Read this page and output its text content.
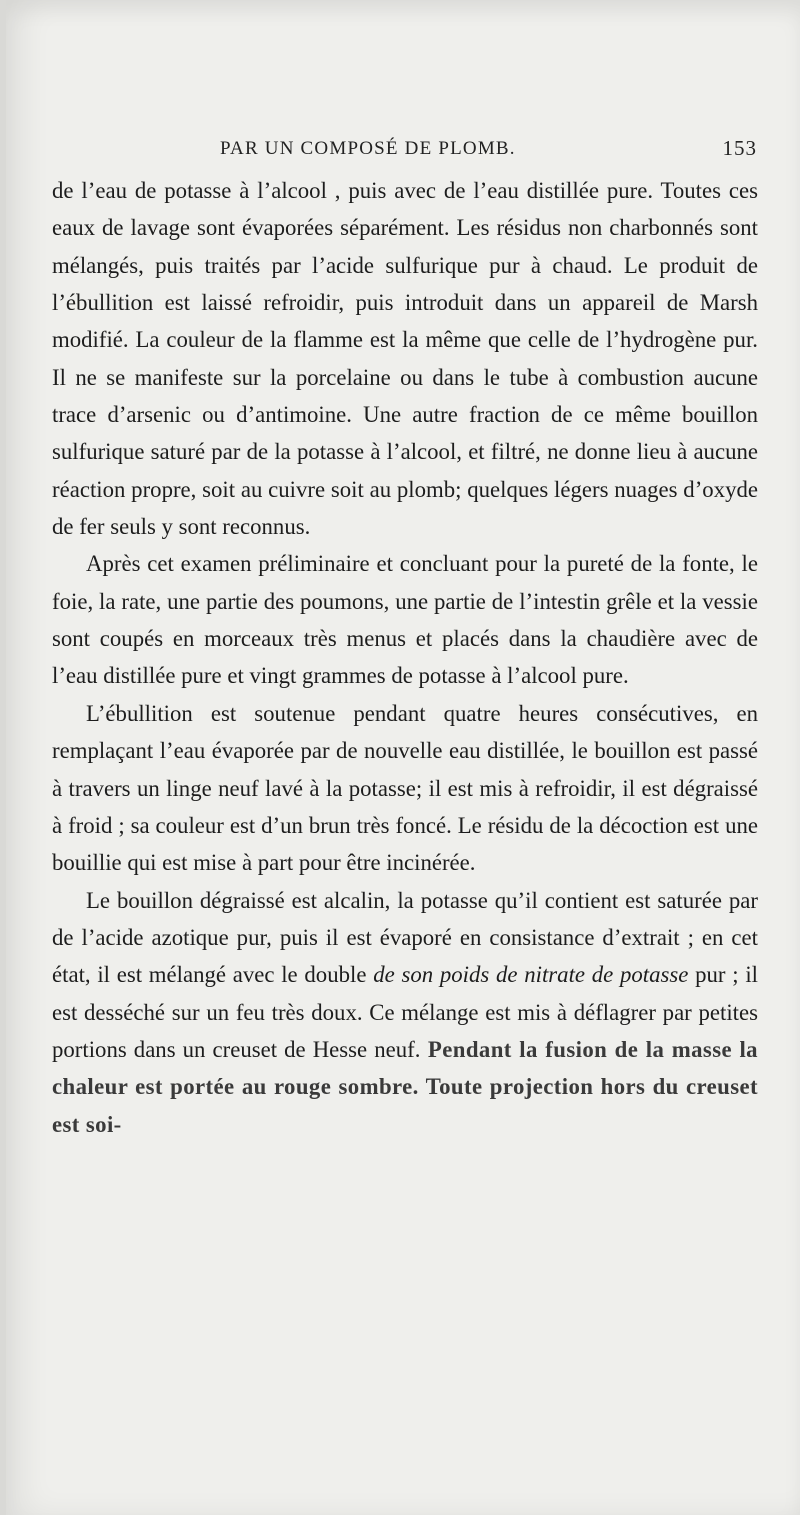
PAR UN COMPOSÉ DE PLOMB.	153

de l’eau de potasse à l’alcool , puis avec de l’eau distillée pure. Toutes ces eaux de lavage sont évaporées séparément. Les résidus non charbonnés sont mélangés, puis traités par l’acide sulfurique pur à chaud. Le produit de l’ébullition est laissé refroidir, puis introduit dans un appareil de Marsh modifié. La couleur de la flamme est la même que celle de l’hydrogène pur. Il ne se manifeste sur la porcelaine ou dans le tube à combustion aucune trace d’arsenic ou d’antimoine. Une autre fraction de ce même bouillon sulfurique saturé par de la potasse à l’alcool, et filtré, ne donne lieu à aucune réaction propre, soit au cuivre soit au plomb; quelques légers nuages d’oxyde de fer seuls y sont reconnus.

Après cet examen préliminaire et concluant pour la pureté de la fonte, le foie, la rate, une partie des poumons, une partie de l’intestin grêle et la vessie sont coupés en morceaux très menus et placés dans la chaudière avec de l’eau distillée pure et vingt grammes de potasse à l’alcool pure.

L’ébullition est soutenue pendant quatre heures consécutives, en remplaçant l’eau évaporée par de nouvelle eau distillée, le bouillon est passé à travers un linge neuf lavé à la potasse; il est mis à refroidir, il est dégraissé à froid ; sa couleur est d’un brun très foncé. Le résidu de la décoction est une bouillie qui est mise à part pour être incinérée.

Le bouillon dégraissé est alcalin, la potasse qu’il contient est saturée par de l’acide azotique pur, puis il est évaporé en consistance d’extrait ; en cet état, il est mélangé avec le double de son poids de nitrate de potasse pur ; il est desséché sur un feu très doux. Ce mélange est mis à déflagrer par petites portions dans un creuset de Hesse neuf. Pendant la fusion de la masse la chaleur est portée au rouge sombre. Toute projection hors du creuset est soi-
